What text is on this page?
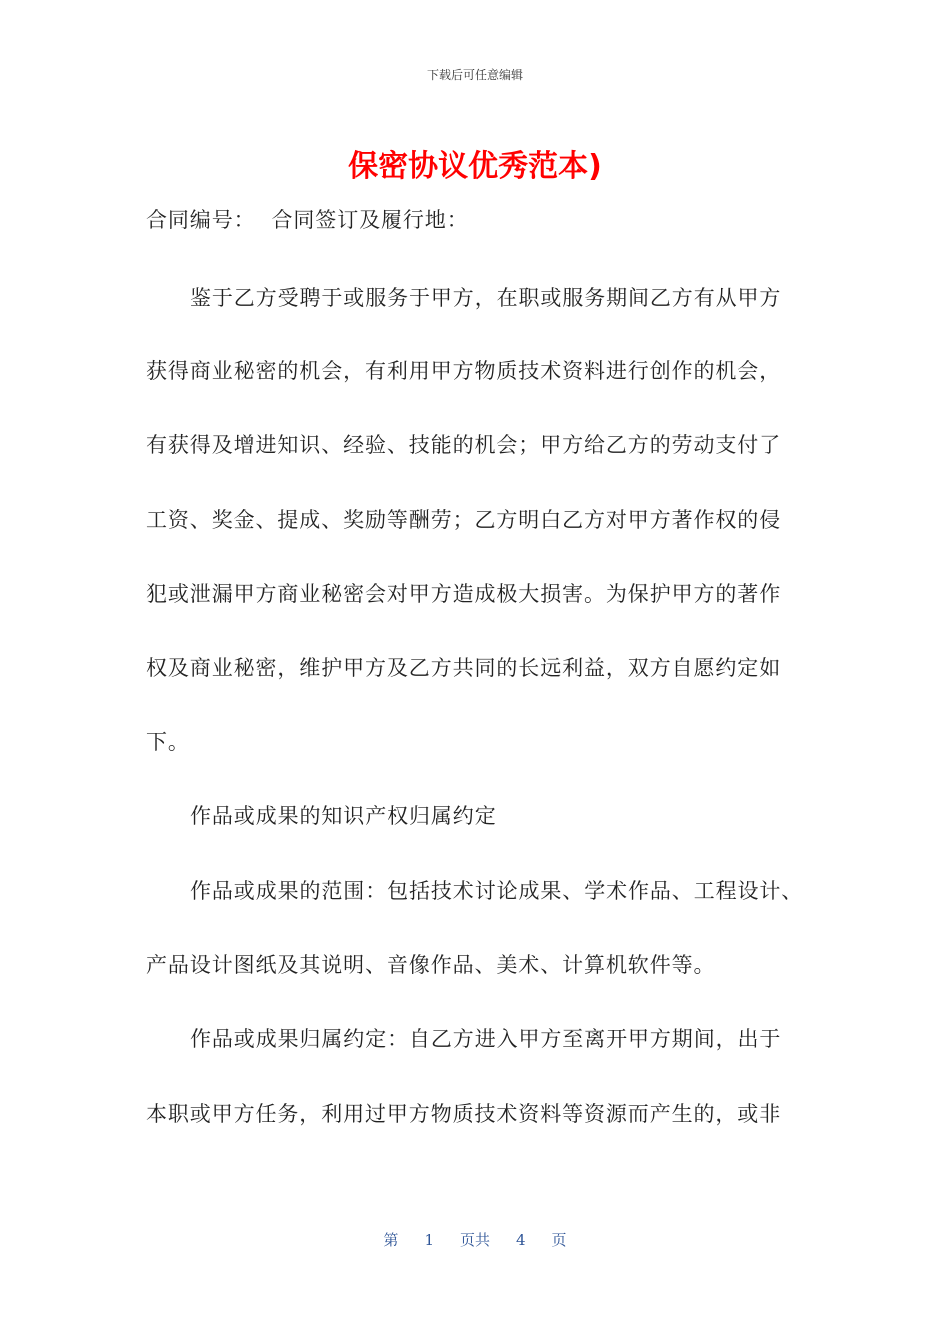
下载后可任意编辑
保密协议优秀范本)

合同编号： 合同签订及履行地：

鉴于乙方受聘于或服务于甲方，在职或服务期间乙方有从甲方

获得商业秘密的机会，有利用甲方物质技术资料进行创作的机会，

有获得及增进知识、经验、技能的机会；甲方给乙方的劳动支付了

工资、奖金、提成、奖励等酬劳；乙方明白乙方对甲方著作权的侵

犯或泄漏甲方商业秘密会对甲方造成极大损害。为保护甲方的著作

权及商业秘密，维护甲方及乙方共同的长远利益，双方自愿约定如

下。

作品或成果的知识产权归属约定

作品或成果的范围：包括技术讨论成果、学术作品、工程设计、

产品设计图纸及其说明、音像作品、美术、计算机软件等。

作品或成果归属约定：自乙方进入甲方至离开甲方期间，出于

本职或甲方任务，利用过甲方物质技术资料等资源而产生的，或非

第 1 页共 4 页
